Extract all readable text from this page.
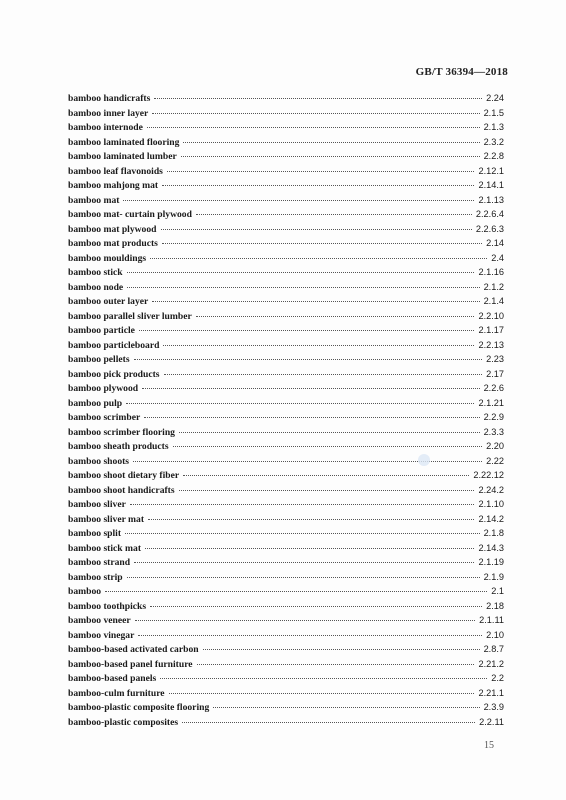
GB/T 36394—2018
bamboo handicrafts	2.24
bamboo inner layer	2.1.5
bamboo internode	2.1.3
bamboo laminated flooring	2.3.2
bamboo laminated lumber	2.2.8
bamboo leaf flavonoids	2.12.1
bamboo mahjong mat	2.14.1
bamboo mat	2.1.13
bamboo mat- curtain plywood	2.2.6.4
bamboo mat plywood	2.2.6.3
bamboo mat products	2.14
bamboo mouldings	2.4
bamboo stick	2.1.16
bamboo node	2.1.2
bamboo outer layer	2.1.4
bamboo parallel sliver lumber	2.2.10
bamboo particle	2.1.17
bamboo particleboard	2.2.13
bamboo pellets	2.23
bamboo pick products	2.17
bamboo plywood	2.2.6
bamboo pulp	2.1.21
bamboo scrimber	2.2.9
bamboo scrimber flooring	2.3.3
bamboo sheath products	2.20
bamboo shoots	2.22
bamboo shoot dietary fiber	2.22.12
bamboo shoot handicrafts	2.24.2
bamboo sliver	2.1.10
bamboo sliver mat	2.14.2
bamboo split	2.1.8
bamboo stick mat	2.14.3
bamboo strand	2.1.19
bamboo strip	2.1.9
bamboo	2.1
bamboo toothpicks	2.18
bamboo veneer	2.1.11
bamboo vinegar	2.10
bamboo-based activated carbon	2.8.7
bamboo-based panel furniture	2.21.2
bamboo-based panels	2.2
bamboo-culm furniture	2.21.1
bamboo-plastic composite flooring	2.3.9
bamboo-plastic composites	2.2.11
15
